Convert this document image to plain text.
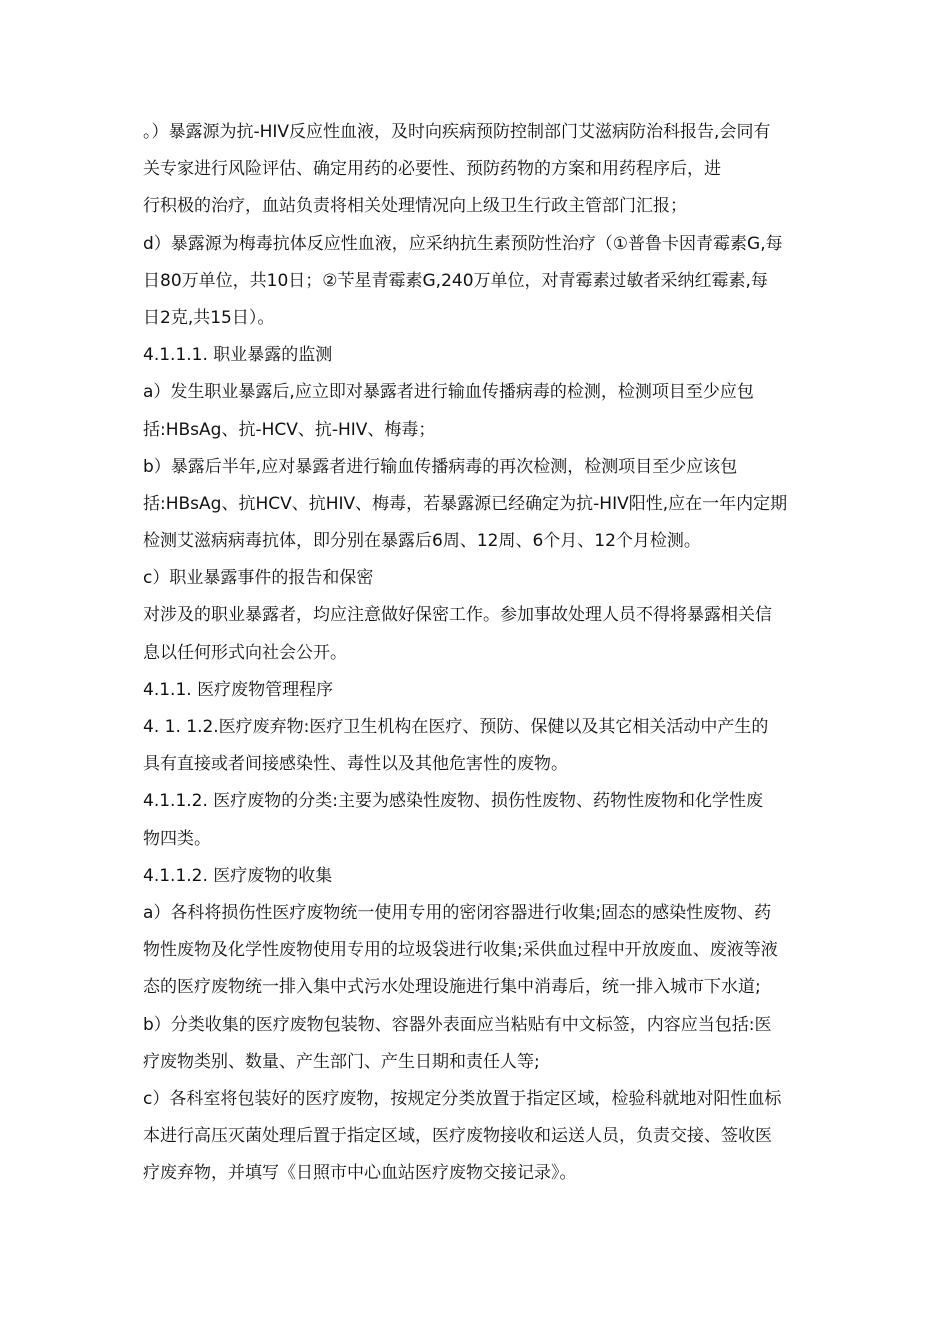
。）暴露源为抗-HIV反应性血液，及时向疾病预防控制部门艾滋病防治科报告,会同有
关专家进行风险评估、确定用药的必要性、预防药物的方案和用药程序后，进
行积极的治疗，血站负责将相关处理情况向上级卫生行政主管部门汇报；
d）暴露源为梅毒抗体反应性血液，应采纳抗生素预防性治疗（①普鲁卡因青霉素G,每
日80万单位，共10日；②苄星青霉素G,240万单位，对青霉素过敏者采纳红霉素,每
日2克,共15日）。
4.1.1.1. 职业暴露的监测
a）发生职业暴露后,应立即对暴露者进行输血传播病毒的检测，检测项目至少应包
括:HBsAg、抗-HCV、抗-HIV、梅毒；
b）暴露后半年,应对暴露者进行输血传播病毒的再次检测，检测项目至少应该包
括:HBsAg、抗HCV、抗HIV、梅毒，若暴露源已经确定为抗-HIV阳性,应在一年内定期
检测艾滋病病毒抗体，即分别在暴露后6周、12周、6个月、12个月检测。
c）职业暴露事件的报告和保密
对涉及的职业暴露者，均应注意做好保密工作。参加事故处理人员不得将暴露相关信
息以任何形式向社会公开。
4.1.1. 医疗废物管理程序
4. 1. 1.2.医疗废弃物:医疗卫生机构在医疗、预防、保健以及其它相关活动中产生的
具有直接或者间接感染性、毒性以及其他危害性的废物。
4.1.1.2. 医疗废物的分类:主要为感染性废物、损伤性废物、药物性废物和化学性废
物四类。
4.1.1.2. 医疗废物的收集
a）各科将损伤性医疗废物统一使用专用的密闭容器进行收集;固态的感染性废物、药
物性废物及化学性废物使用专用的垃圾袋进行收集;采供血过程中开放废血、废液等液
态的医疗废物统一排入集中式污水处理设施进行集中消毒后，统一排入城市下水道;
b）分类收集的医疗废物包装物、容器外表面应当粘贴有中文标签，内容应当包括:医
疗废物类别、数量、产生部门、产生日期和责任人等;
c）各科室将包装好的医疗废物，按规定分类放置于指定区域，检验科就地对阳性血标
本进行高压灭菌处理后置于指定区域，医疗废物接收和运送人员，负责交接、签收医
疗废弃物，并填写《日照市中心血站医疗废物交接记录》。
